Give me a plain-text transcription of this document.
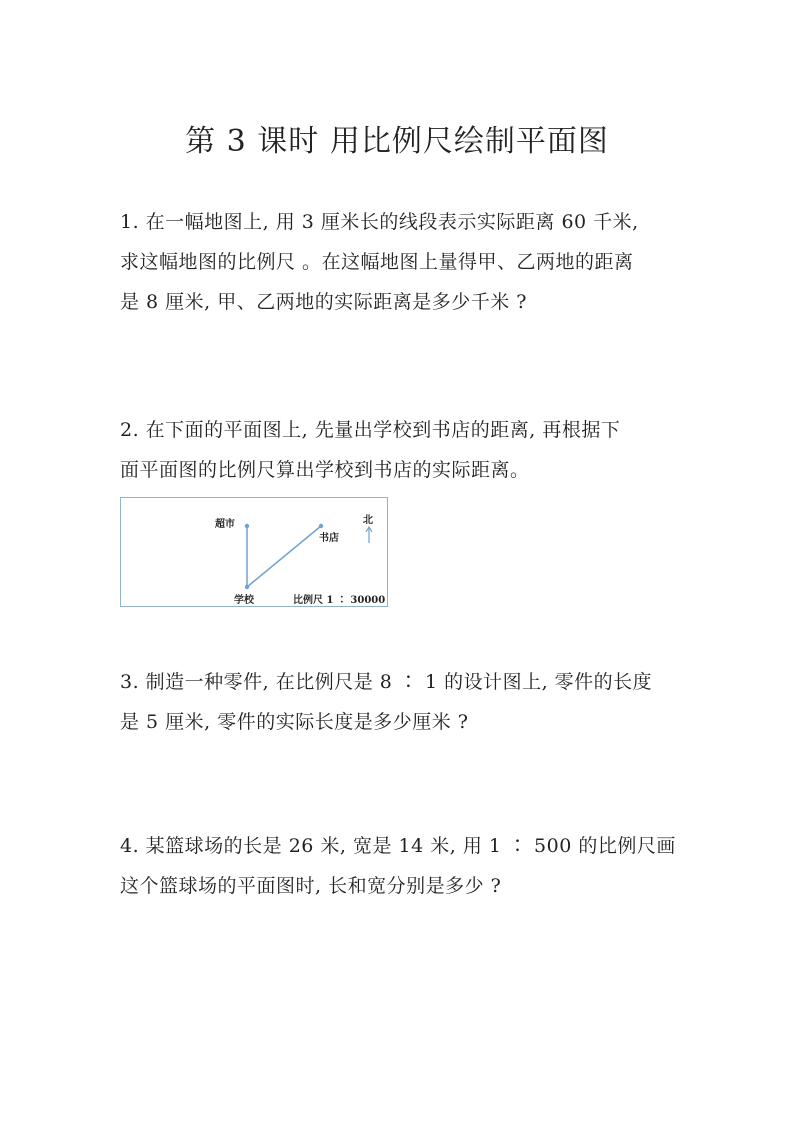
第 3 课时 用比例尺绘制平面图
1. 在一幅地图上, 用 3 厘米长的线段表示实际距离 60 千米,
求这幅地图的比例尺 。在这幅地图上量得甲、乙两地的距离
是 8 厘米, 甲、乙两地的实际距离是多少千米 ?
2. 在下面的平面图上, 先量出学校到书店的距离, 再根据下
面平面图的比例尺算出学校到书店的实际距离。
超市
书店
学校
北
比例尺 1 ∶ 30000
3. 制造一种零件, 在比例尺是 8 ∶ 1 的设计图上, 零件的长度
是 5 厘米, 零件的实际长度是多少厘米 ?
4. 某篮球场的长是 26 米, 宽是 14 米, 用 1 ∶ 500 的比例尺画
这个篮球场的平面图时, 长和宽分别是多少 ?
